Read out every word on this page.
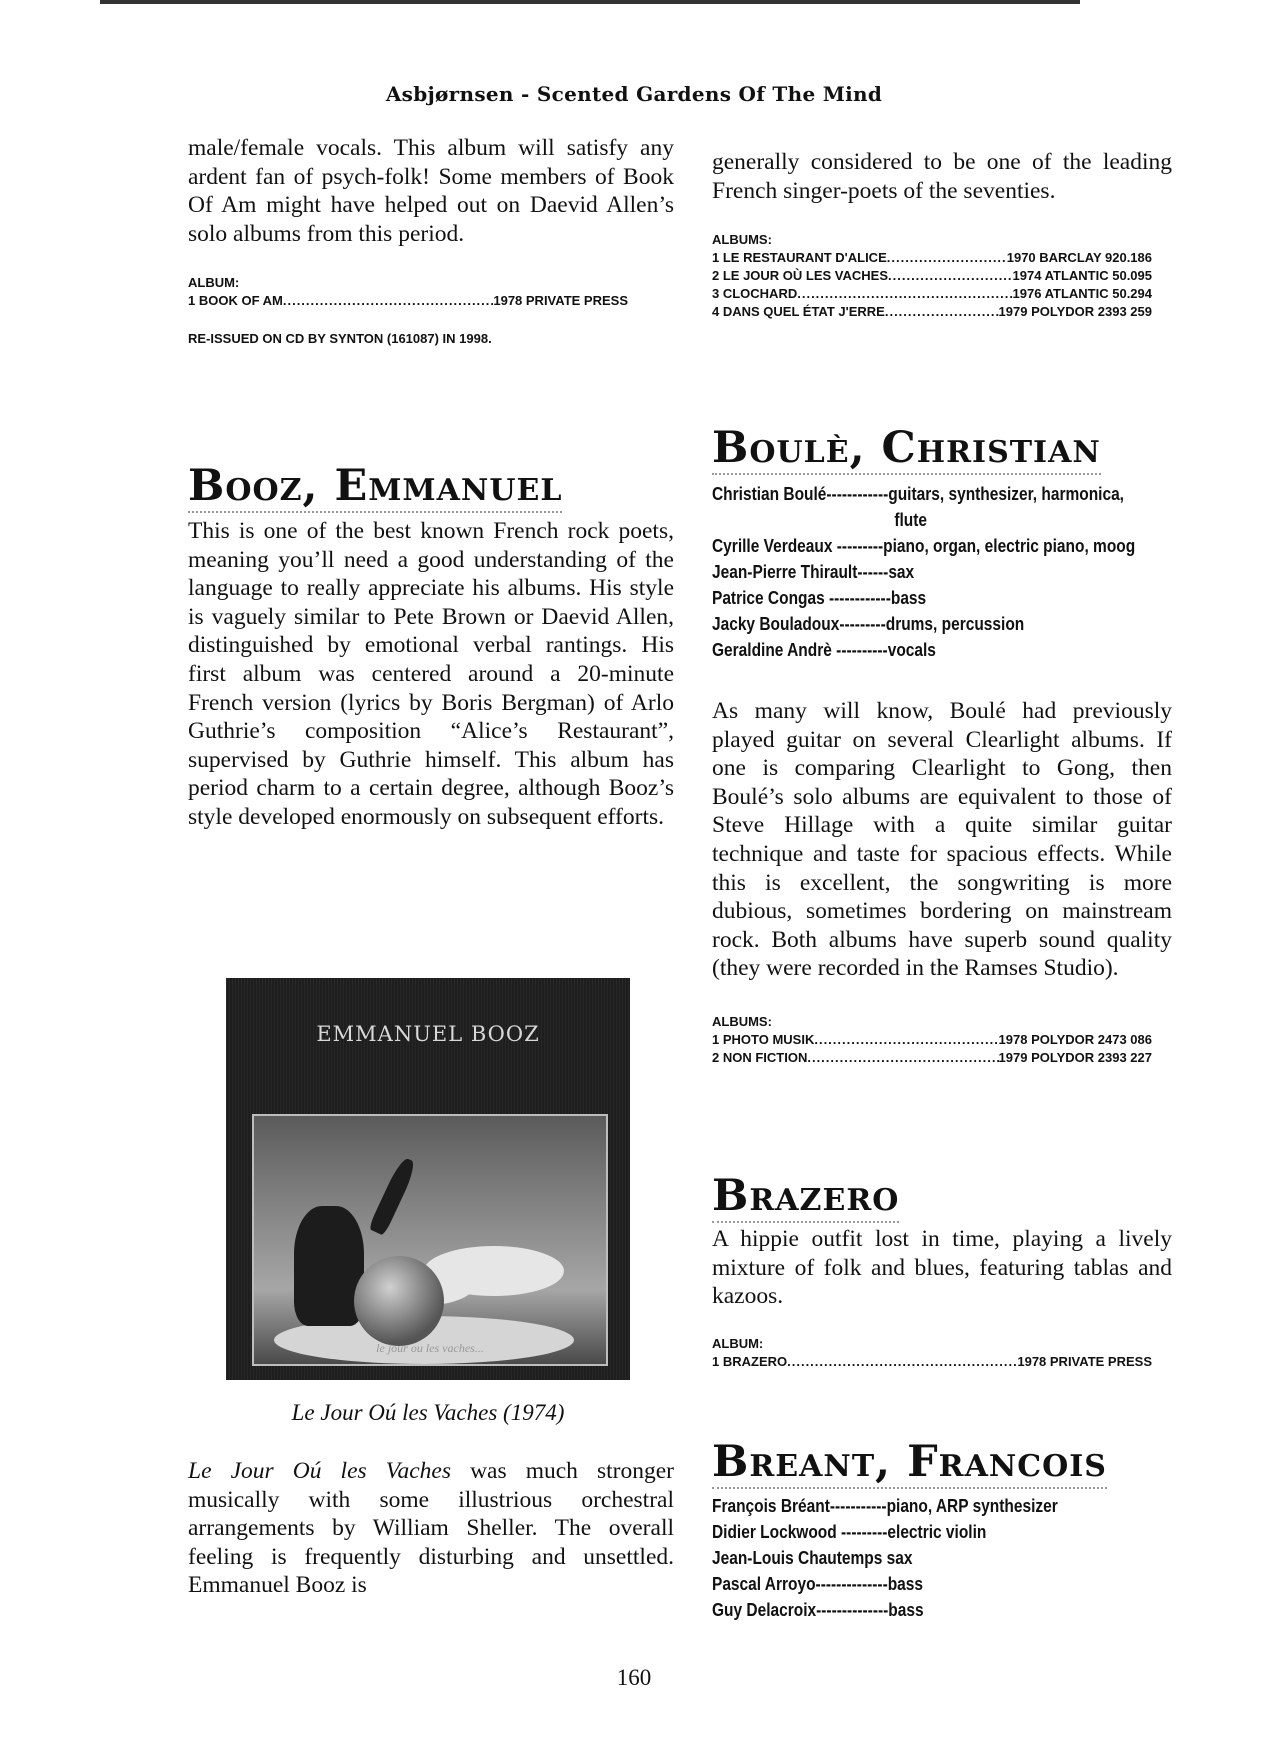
Asbjørnsen - Scented Gardens Of The Mind

male/female vocals. This album will satisfy any ardent fan of psych-folk! Some members of Book Of Am might have helped out on Daevid Allen’s solo albums from this period.

ALBUM:
1 BOOK OF AM .....	1978 PRIVATE PRESS
RE-ISSUED ON CD BY SYNTON (161087) IN 1998.
Booz, Emmanuel

This is one of the best known French rock poets, meaning you’ll need a good understanding of the language to really appreciate his albums. His style is vaguely similar to Pete Brown or Daevid Allen, distinguished by emotional verbal rantings. His first album was centered around a 20-minute French version (lyrics by Boris Bergman) of Arlo Guthrie’s composition “Alice’s Restaurant”, supervised by Guthrie himself. This album has period charm to a certain degree, although Booz’s style developed enormously on subsequent efforts.

EMMANUEL BOOZ
le jour ou les vaches...
Le Jour Oú les Vaches (1974)

Le Jour Oú les Vaches was much stronger musically with some illustrious orchestral arrangements by William Sheller. The overall feeling is frequently disturbing and unsettled. Emmanuel Booz is

generally considered to be one of the leading French singer-poets of the seventies.

ALBUMS:
1 LE RESTAURANT D'ALICE .....	1970 BARCLAY 920.186
2 LE JOUR OÙ LES VACHES .....	1974 ATLANTIC 50.095
3 CLOCHARD .....	1976 ATLANTIC 50.294
4 DANS QUEL ÉTAT J'ERRE .....	1979 POLYDOR 2393 259
Boulè, Christian
Christian Boulé------------guitars, synthesizer, harmonica,
flute
Cyrille Verdeaux ---------piano, organ, electric piano, moog
Jean-Pierre Thirault------sax
Patrice Congas ------------bass
Jacky Bouladoux---------drums, percussion
Geraldine Andrè ----------vocals

As many will know, Boulé had previously played guitar on several Clearlight albums. If one is comparing Clearlight to Gong, then Boulé’s solo albums are equivalent to those of Steve Hillage with a quite similar guitar technique and taste for spacious effects. While this is excellent, the songwriting is more dubious, sometimes bordering on mainstream rock. Both albums have superb sound quality (they were recorded in the Ramses Studio).

ALBUMS:
1 PHOTO MUSIK .....	1978 POLYDOR 2473 086
2 NON FICTION .....	1979 POLYDOR 2393 227
Brazero

A hippie outfit lost in time, playing a lively mixture of folk and blues, featuring tablas and kazoos.

ALBUM:
1 BRAZERO .....	1978 PRIVATE PRESS
Breant, Francois
François Bréant-----------piano, ARP synthesizer
Didier Lockwood ---------electric violin
Jean-Louis Chautemps sax
Pascal Arroyo--------------bass
Guy Delacroix--------------bass
160
